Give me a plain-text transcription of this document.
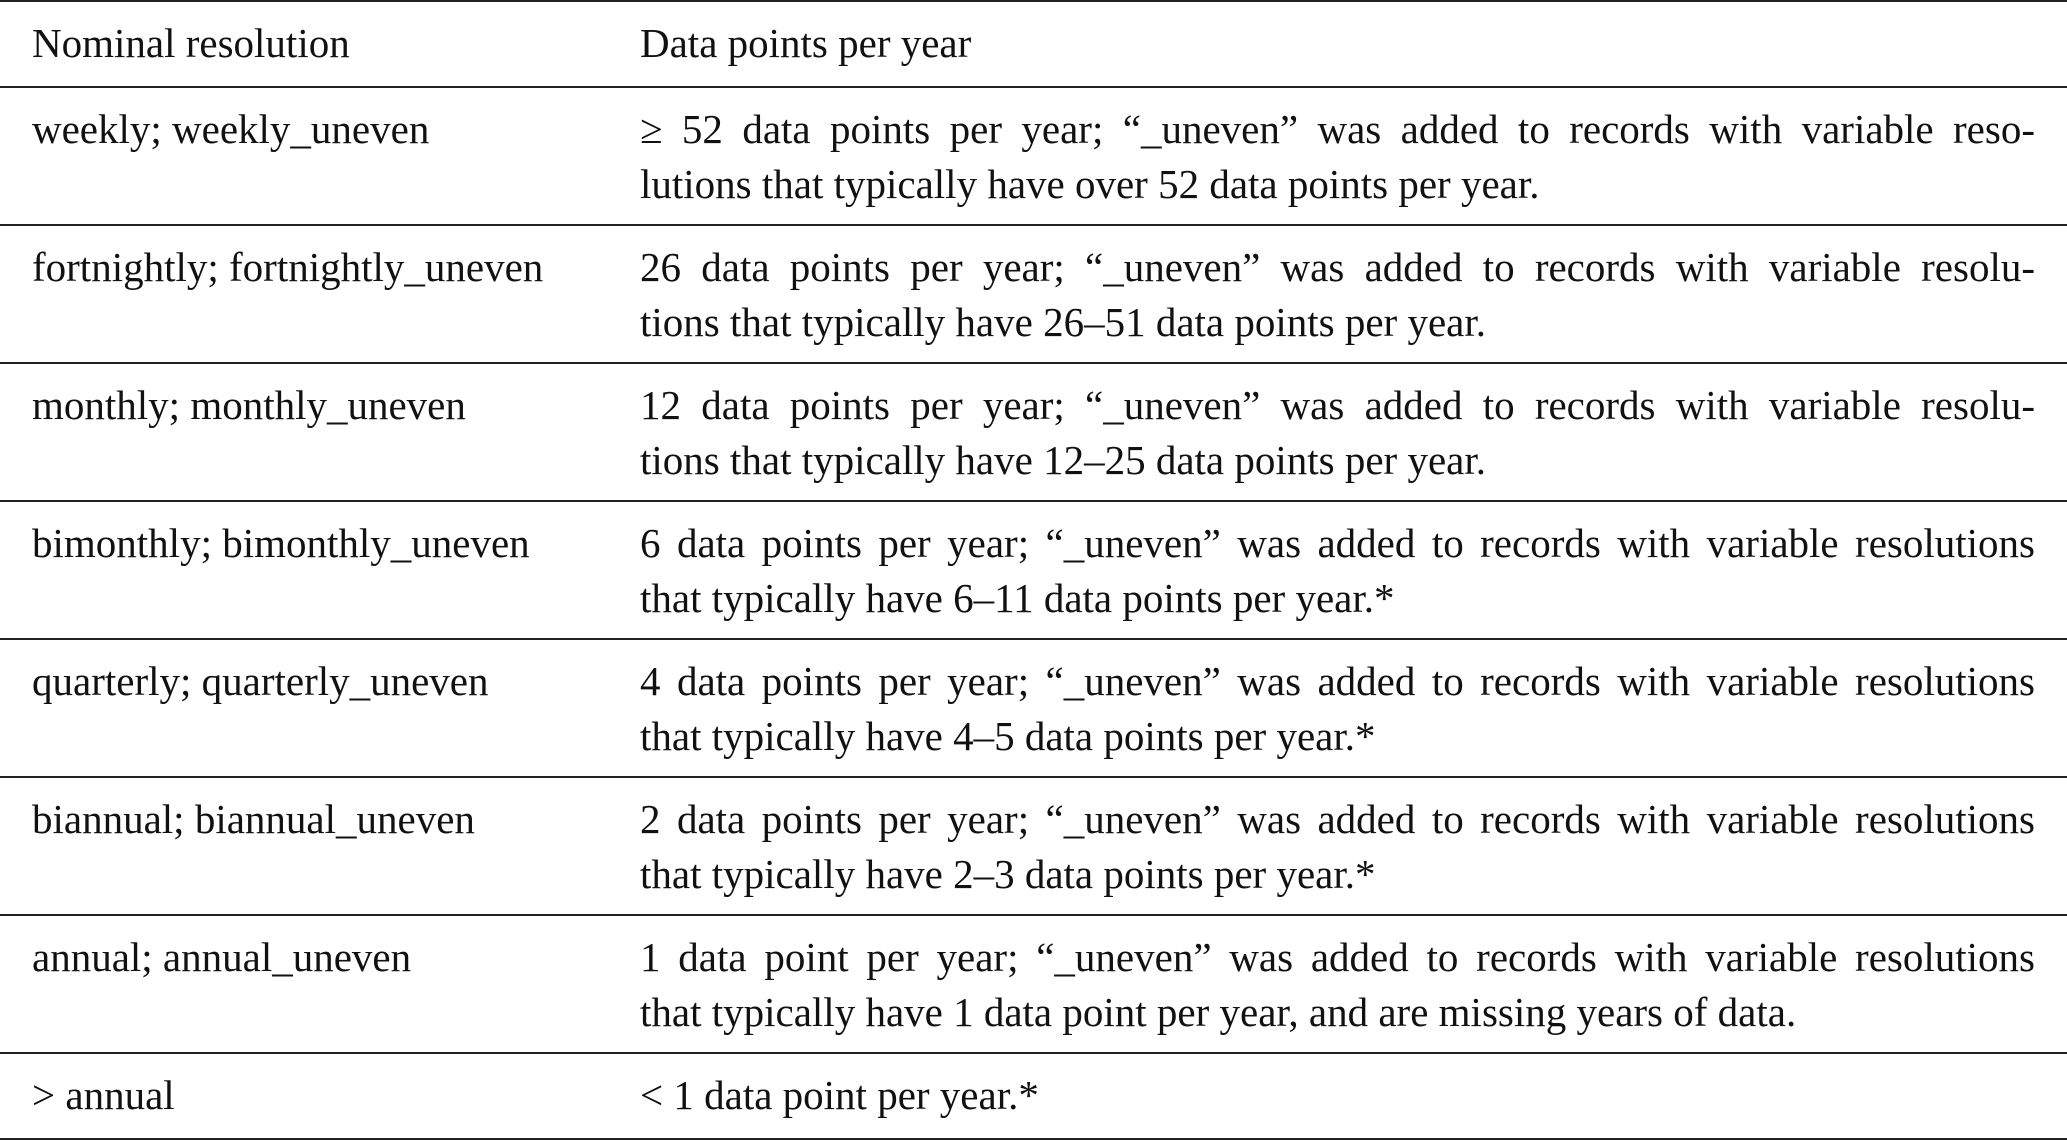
Nominal resolution	Data points per year
weekly; weekly_uneven	≥ 52 data points per year; “_uneven” was added to records with variable reso-
lutions that typically have over 52 data points per year.
fortnightly; fortnightly_uneven	26 data points per year; “_uneven” was added to records with variable resolu-
tions that typically have 26–51 data points per year.
monthly; monthly_uneven	12 data points per year; “_uneven” was added to records with variable resolu-
tions that typically have 12–25 data points per year.
bimonthly; bimonthly_uneven	6 data points per year; “_uneven” was added to records with variable resolutions
that typically have 6–11 data points per year.*
quarterly; quarterly_uneven	4 data points per year; “_uneven” was added to records with variable resolutions
that typically have 4–5 data points per year.*
biannual; biannual_uneven	2 data points per year; “_uneven” was added to records with variable resolutions
that typically have 2–3 data points per year.*
annual; annual_uneven	1 data point per year; “_uneven” was added to records with variable resolutions
that typically have 1 data point per year, and are missing years of data.
> annual	< 1 data point per year.*
